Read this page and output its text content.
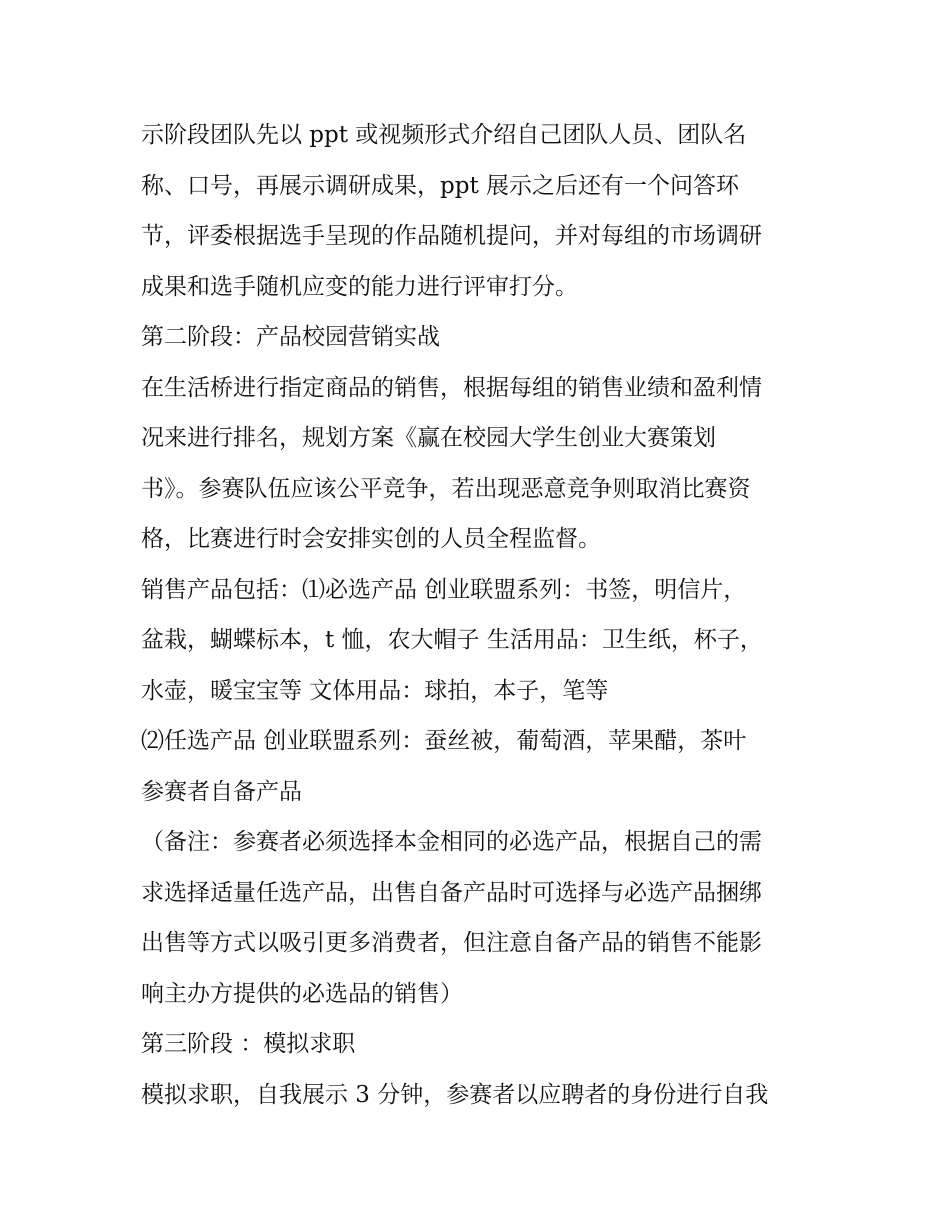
示阶段团队先以 ppt 或视频形式介绍自己团队人员、团队名
称、口号，再展示调研成果，ppt 展示之后还有一个问答环
节，评委根据选手呈现的作品随机提问，并对每组的市场调研
成果和选手随机应变的能力进行评审打分。
第二阶段：产品校园营销实战
在生活桥进行指定商品的销售，根据每组的销售业绩和盈利情
况来进行排名，规划方案《赢在校园大学生创业大赛策划
书》。参赛队伍应该公平竞争，若出现恶意竞争则取消比赛资
格，比赛进行时会安排实创的人员全程监督。
销售产品包括：⑴必选产品 创业联盟系列：书签，明信片，
盆栽，蝴蝶标本，t 恤，农大帽子 生活用品：卫生纸，杯子，
水壶，暖宝宝等 文体用品：球拍，本子，笔等
⑵任选产品 创业联盟系列：蚕丝被，葡萄酒，苹果醋，茶叶
参赛者自备产品
（备注：参赛者必须选择本金相同的必选产品，根据自己的需
求选择适量任选产品，出售自备产品时可选择与必选产品捆绑
出售等方式以吸引更多消费者，但注意自备产品的销售不能影
响主办方提供的必选品的销售）
第三阶段 ：模拟求职
模拟求职，自我展示 3 分钟，参赛者以应聘者的身份进行自我
